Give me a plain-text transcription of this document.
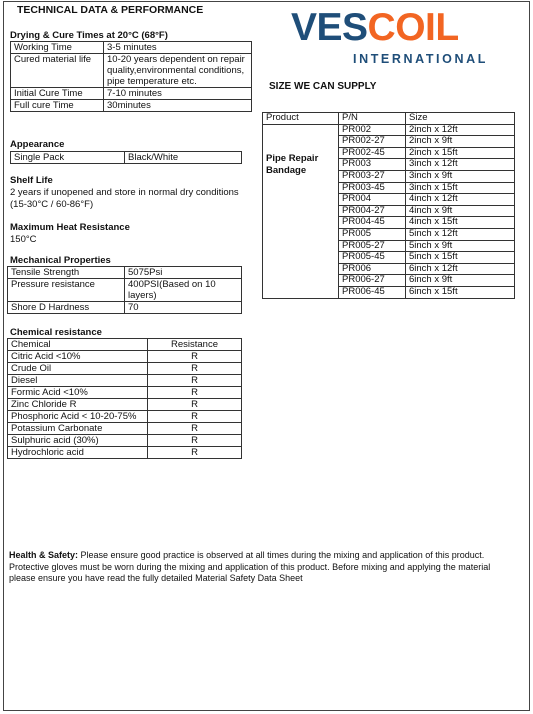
TECHNICAL DATA & PERFORMANCE VESCOIL
INTERNATIONAL
Drying & Cure Times at 20°C (68°F)
Working Time	3-5 minutes
Cured material life	10-20 years dependent on repair quality,environmental conditions, pipe temperature etc.
Initial Cure Time	7-10 minutes
Full cure Time	30minutes
Appearance
Single Pack	Black/White
Shelf Life
2 years if unopened and store in normal dry conditions (15-30°C / 60-86°F)
Maximum Heat Resistance
150°C
Mechanical Properties
Tensile Strength	5075Psi
Pressure resistance	400PSI(Based on 10 layers)
Shore D Hardness	70
Chemical resistance
Chemical	Resistance
Citric Acid <10%	R
Crude Oil	R
Diesel	R
Formic Acid <10%	R
Zinc Chloride R	R
Phosphoric Acid < 10-20-75%	R
Potassium Carbonate	R
Sulphuric acid (30%)	R
Hydrochloric acid	R
SIZE WE CAN SUPPLY
Product	P/N	Size
Pipe Repair Bandage	PR002	2inch x 12ft
	PR002-27	2inch x 9ft
	PR002-45	2inch x 15ft
	PR003	3inch x 12ft
	PR003-27	3inch x 9ft
	PR003-45	3inch x 15ft
	PR004	4inch x 12ft
	PR004-27	4inch x 9ft
	PR004-45	4inch x 15ft
	PR005	5inch x 12ft
	PR005-27	5inch x 9ft
	PR005-45	5inch x 15ft
	PR006	6inch x 12ft
	PR006-27	6inch x 9ft
	PR006-45	6inch x 15ft
Health & Safety: Please ensure good practice is observed at all times during the mixing and application of this product. Protective gloves must be worn during the mixing and application of this product. Before mixing and applying the material please ensure you have read the fully detailed Material Safety Data Sheet
